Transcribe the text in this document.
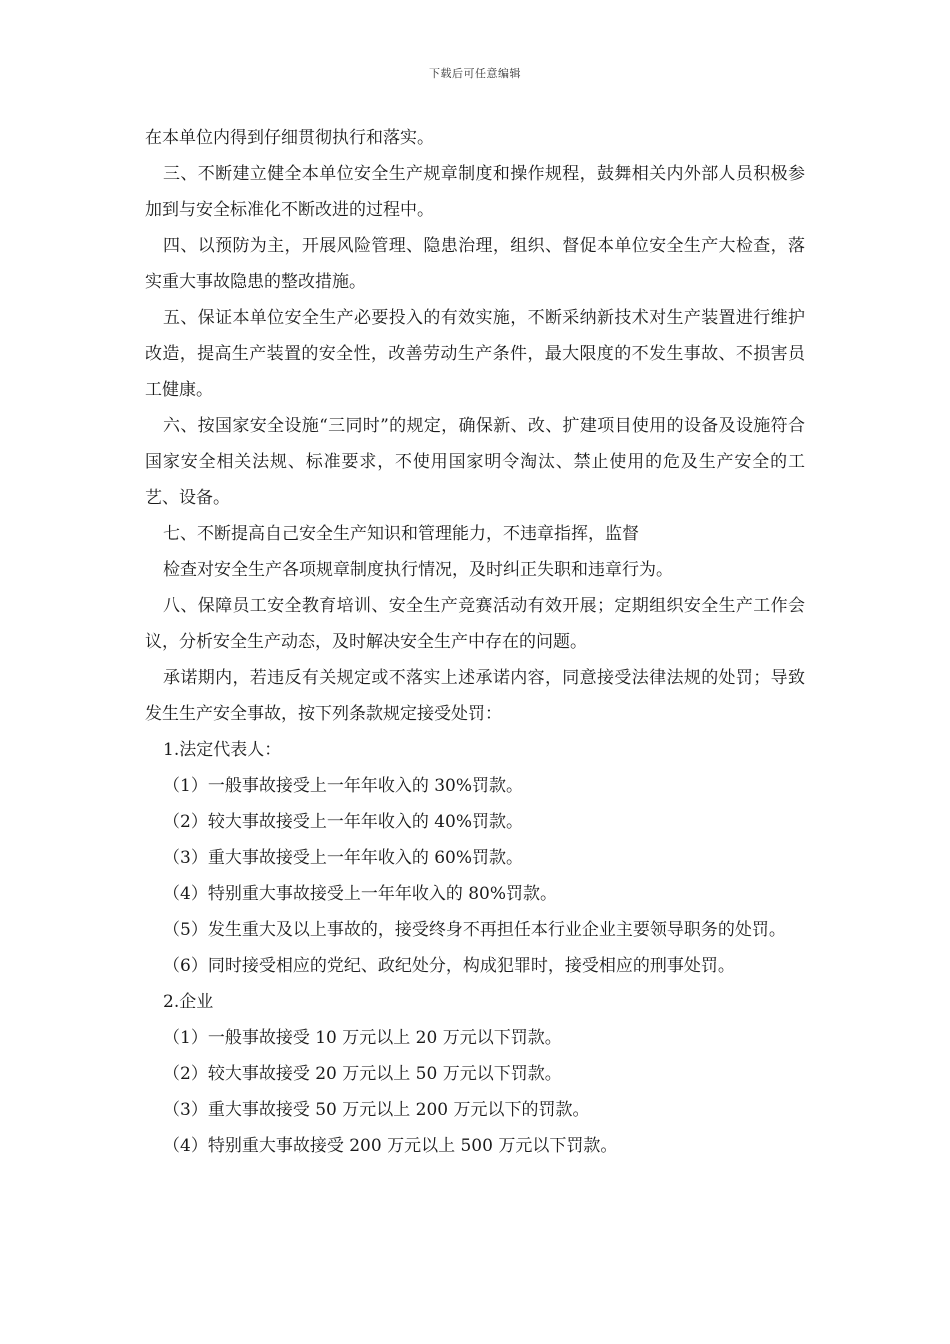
下载后可任意编辑

在本单位内得到仔细贯彻执行和落实。

三、不断建立健全本单位安全生产规章制度和操作规程，鼓舞相关内外部人员积极参加到与安全标准化不断改进的过程中。

四、以预防为主，开展风险管理、隐患治理，组织、督促本单位安全生产大检查，落实重大事故隐患的整改措施。

五、保证本单位安全生产必要投入的有效实施，不断采纳新技术对生产装置进行维护改造，提高生产装置的安全性，改善劳动生产条件，最大限度的不发生事故、不损害员工健康。

六、按国家安全设施“三同时”的规定，确保新、改、扩建项目使用的设备及设施符合国家安全相关法规、标准要求，不使用国家明令淘汰、禁止使用的危及生产安全的工艺、设备。

七、不断提高自己安全生产知识和管理能力，不违章指挥，监督

检查对安全生产各项规章制度执行情况，及时纠正失职和违章行为。

八、保障员工安全教育培训、安全生产竞赛活动有效开展；定期组织安全生产工作会议，分析安全生产动态，及时解决安全生产中存在的问题。

承诺期内，若违反有关规定或不落实上述承诺内容，同意接受法律法规的处罚；导致发生生产安全事故，按下列条款规定接受处罚：

1.法定代表人：

（1）一般事故接受上一年年收入的 30%罚款。

（2）较大事故接受上一年年收入的 40%罚款。

（3）重大事故接受上一年年收入的 60%罚款。

（4）特别重大事故接受上一年年收入的 80%罚款。

（5）发生重大及以上事故的，接受终身不再担任本行业企业主要领导职务的处罚。

（6）同时接受相应的党纪、政纪处分，构成犯罪时，接受相应的刑事处罚。

2.企业

（1）一般事故接受 10 万元以上 20 万元以下罚款。

（2）较大事故接受 20 万元以上 50 万元以下罚款。

（3）重大事故接受 50 万元以上 200 万元以下的罚款。

（4）特别重大事故接受 200 万元以上 500 万元以下罚款。
